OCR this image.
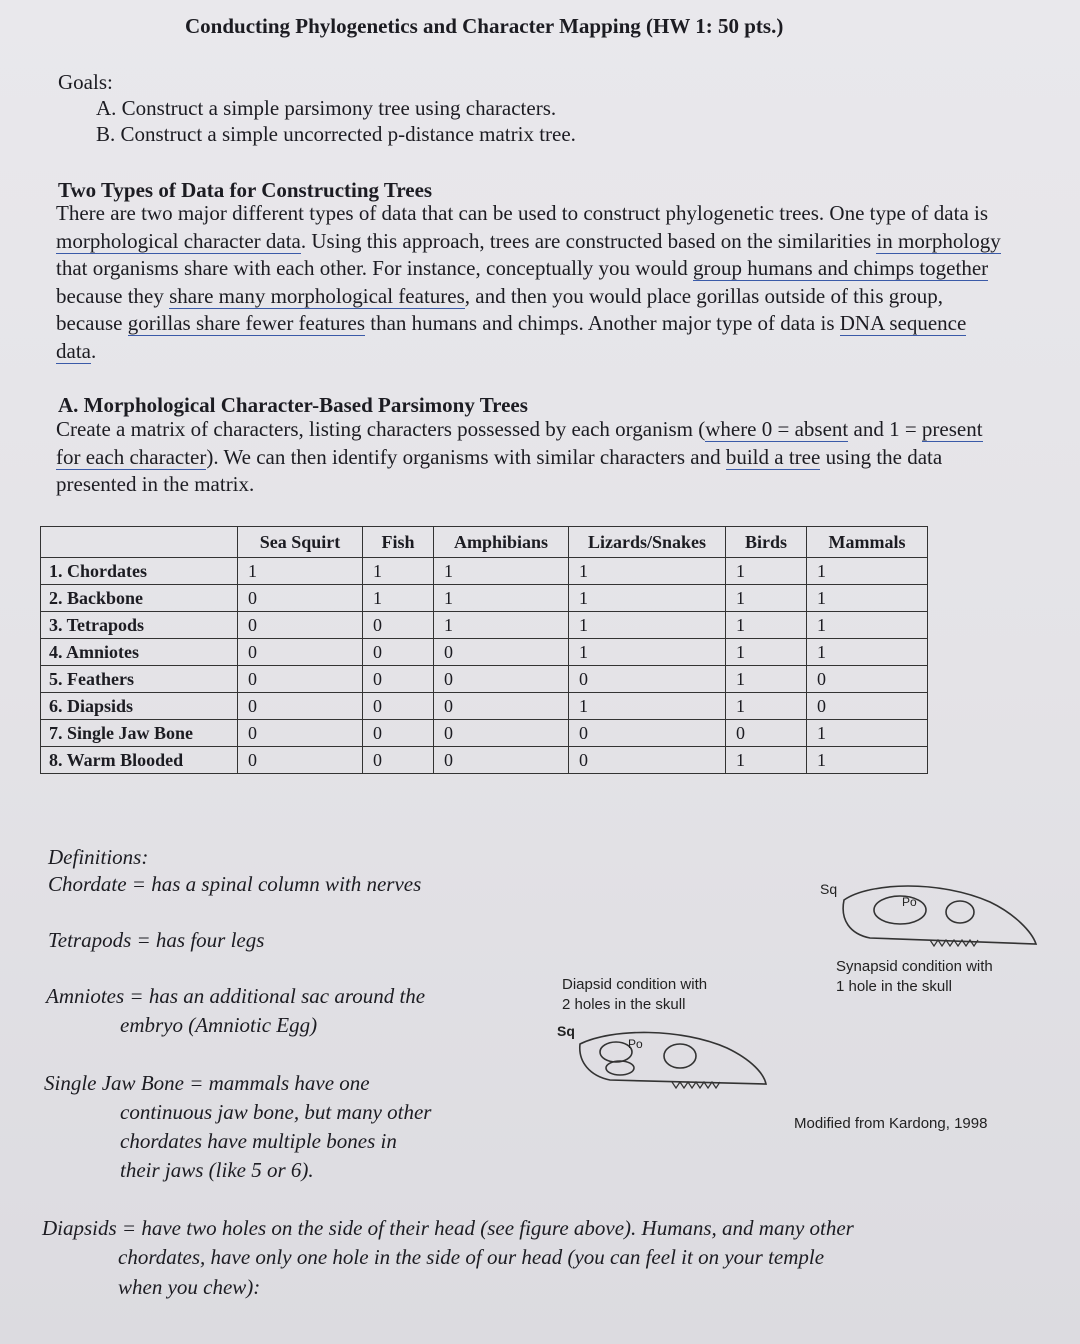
Conducting Phylogenetics and Character Mapping (HW 1: 50 pts.)
Goals:
A. Construct a simple parsimony tree using characters.
B. Construct a simple uncorrected p-distance matrix tree.
Two Types of Data for Constructing Trees
There are two major different types of data that can be used to construct phylogenetic trees. One type of data is morphological character data. Using this approach, trees are constructed based on the similarities in morphology that organisms share with each other. For instance, conceptually you would group humans and chimps together because they share many morphological features, and then you would place gorillas outside of this group, because gorillas share fewer features than humans and chimps. Another major type of data is DNA sequence data.
A. Morphological Character-Based Parsimony Trees
Create a matrix of characters, listing characters possessed by each organism (where 0 = absent and 1 = present for each character). We can then identify organisms with similar characters and build a tree using the data presented in the matrix.
	Sea Squirt	Fish	Amphibians	Lizards/Snakes	Birds	Mammals
1. Chordates	1	1	1	1	1	1
2. Backbone	0	1	1	1	1	1
3. Tetrapods	0	0	1	1	1	1
4. Amniotes	0	0	0	1	1	1
5. Feathers	0	0	0	0	1	0
6. Diapsids	0	0	0	1	1	0
7. Single Jaw Bone	0	0	0	0	0	1
8. Warm Blooded	0	0	0	0	1	1
Definitions:
Chordate = has a spinal column with nerves
Tetrapods = has four legs
Amniotes = has an additional sac around the
embryo (Amniotic Egg)
Single Jaw Bone = mammals have one
continuous jaw bone, but many other
chordates have multiple bones in
their jaws (like 5 or 6).
Diapsids = have two holes on the side of their head (see figure above). Humans, and many other
chordates, have only one hole in the side of our head (you can feel it on your temple
when you chew):
Diapsid condition with
2 holes in the skull
Synapsid condition with
1 hole in the skull
Modified from Kardong, 1998
Sq
Po
Sq
Po
